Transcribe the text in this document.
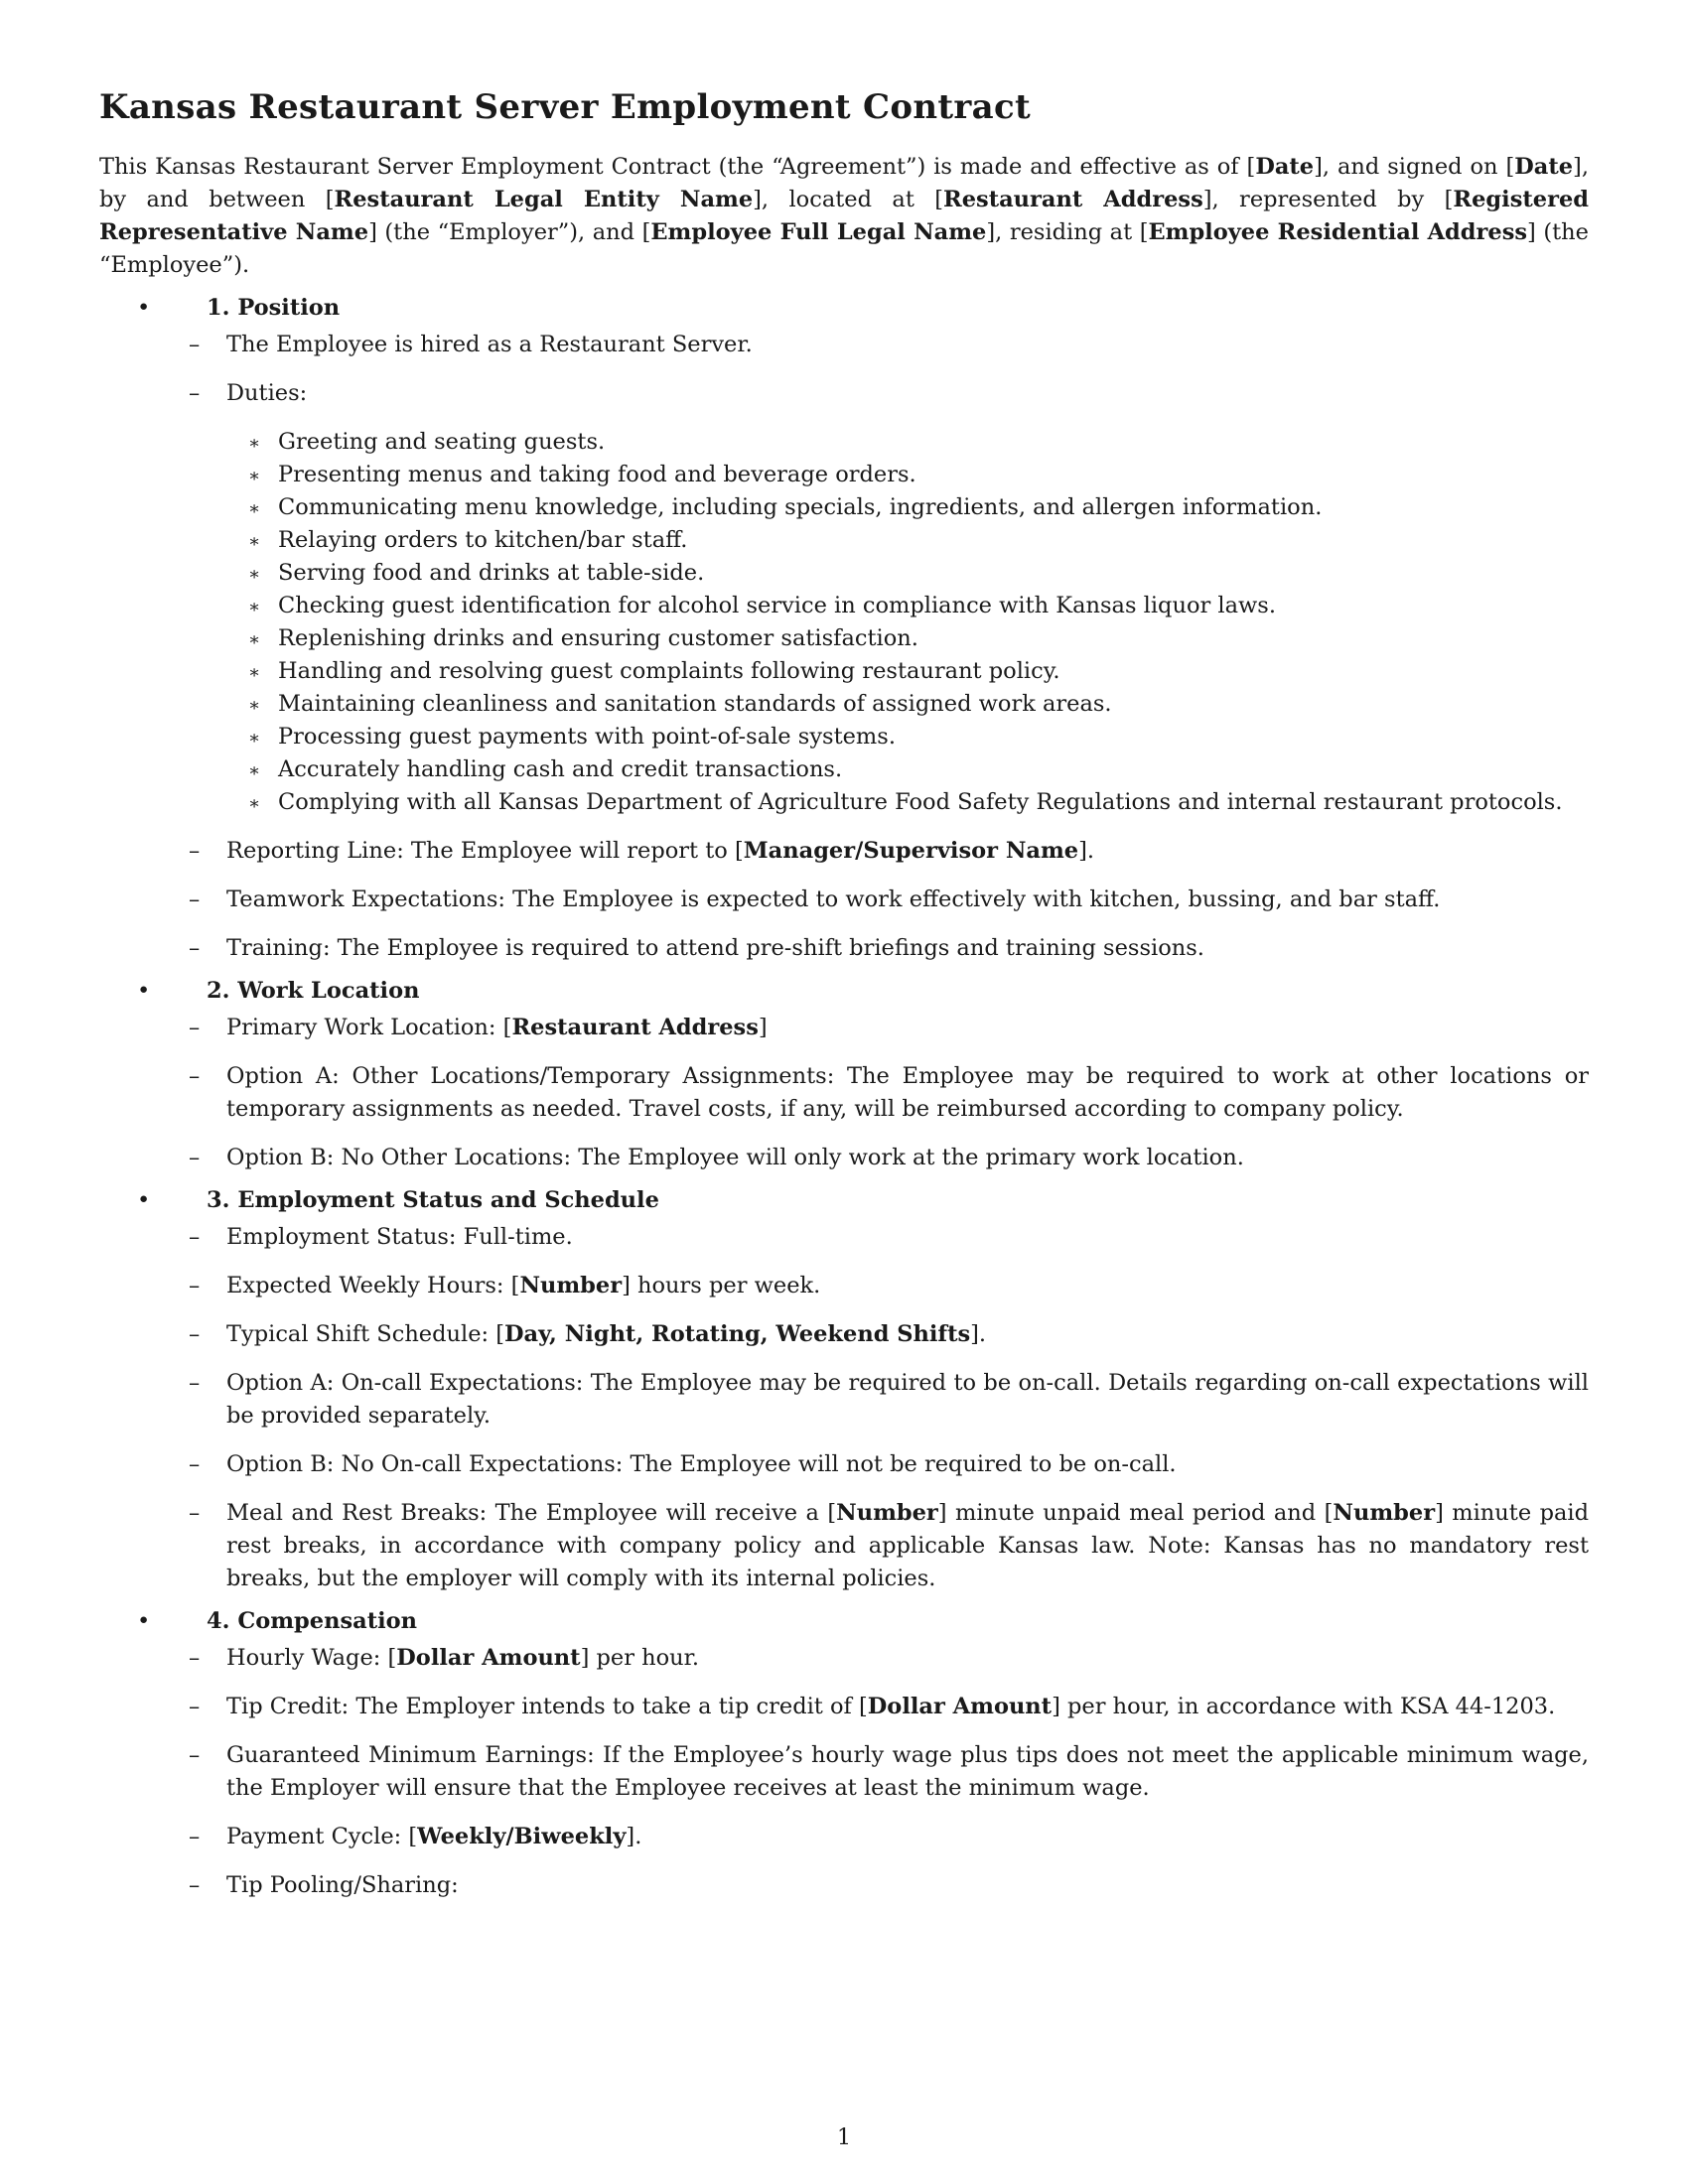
Kansas Restaurant Server Employment Contract

This Kansas Restaurant Server Employment Contract (the “Agreement”) is made and effective as of [Date], and signed on [Date], by and between [Restaurant Legal Entity Name], located at [Restaurant Address], represented by [Registered Representative Name] (the “Employer”), and [Employee Full Legal Name], residing at [Employee Residential Address] (the “Employee”).

•	1. Position
– The Employee is hired as a Restaurant Server.
– Duties:
∗ Greeting and seating guests.
∗ Presenting menus and taking food and beverage orders.
∗ Communicating menu knowledge, including specials, ingredients, and allergen information.
∗ Relaying orders to kitchen/bar staff.
∗ Serving food and drinks at table-side.
∗ Checking guest identification for alcohol service in compliance with Kansas liquor laws.
∗ Replenishing drinks and ensuring customer satisfaction.
∗ Handling and resolving guest complaints following restaurant policy.
∗ Maintaining cleanliness and sanitation standards of assigned work areas.
∗ Processing guest payments with point-of-sale systems.
∗ Accurately handling cash and credit transactions.
∗ Complying with all Kansas Department of Agriculture Food Safety Regulations and internal restaurant protocols.
– Reporting Line: The Employee will report to [Manager/Supervisor Name].
– Teamwork Expectations: The Employee is expected to work effectively with kitchen, bussing, and bar staff.
– Training: The Employee is required to attend pre-shift briefings and training sessions.
•	2. Work Location
– Primary Work Location: [Restaurant Address]
– Option A: Other Locations/Temporary Assignments: The Employee may be required to work at other locations or temporary assignments as needed. Travel costs, if any, will be reimbursed according to company policy.
– Option B: No Other Locations: The Employee will only work at the primary work location.
•	3. Employment Status and Schedule
– Employment Status: Full-time.
– Expected Weekly Hours: [Number] hours per week.
– Typical Shift Schedule: [Day, Night, Rotating, Weekend Shifts].
– Option A: On-call Expectations: The Employee may be required to be on-call. Details regarding on-call expectations will be provided separately.
– Option B: No On-call Expectations: The Employee will not be required to be on-call.
– Meal and Rest Breaks: The Employee will receive a [Number] minute unpaid meal period and [Number] minute paid rest breaks, in accordance with company policy and applicable Kansas law. Note: Kansas has no mandatory rest breaks, but the employer will comply with its internal policies.
•	4. Compensation
– Hourly Wage: [Dollar Amount] per hour.
– Tip Credit: The Employer intends to take a tip credit of [Dollar Amount] per hour, in accordance with KSA 44-1203.
– Guaranteed Minimum Earnings: If the Employee’s hourly wage plus tips does not meet the applicable minimum wage, the Employer will ensure that the Employee receives at least the minimum wage.
– Payment Cycle: [Weekly/Biweekly].
– Tip Pooling/Sharing:
1
